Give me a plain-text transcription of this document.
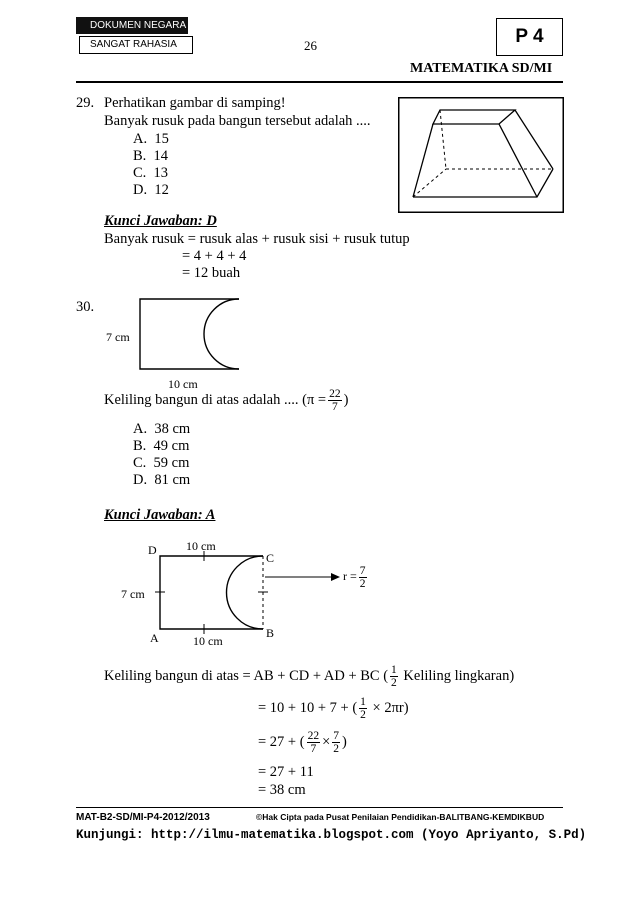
DOKUMEN NEGARA
SANGAT RAHASIA	26	P 4
MATEMATIKA SD/MI
29. Perhatikan gambar di samping!
Banyak rusuk pada bangun tersebut adalah ....
A. 15
B. 14
C. 13
D. 12
Kunci Jawaban: D
Banyak rusuk = rusuk alas + rusuk sisi + rusuk tutup
= 4 + 4 + 4
= 12 buah
30.
7 cm
10 cm
Keliling bangun di atas adalah .... ($\pi = \frac{22}{7}$ )
A. 38 cm
B. 49 cm
C. 59 cm
D. 81 cm
Kunci Jawaban: A
D 10 cm
C
7 cm
A	10 cm
B
$r = \frac{7}{2}$
Keliling bangun di atas = AB + CD + AD + BC ( $\frac{1}{2}$ Keliling lingkaran)
= 10 + 10 + 7 + ( $\frac{1}{2} \times 2\pi r$)
= 27 + ( $\frac{22}{7} \times \frac{7}{2}$ )
= 27 + 11
= 38 cm
MAT-B2-SD/MI-P4-2012/2013	©Hak Cipta pada Pusat Penilaian Pendidikan-BALITBANG-KEMDIKBUD
Kunjungi: http://ilmu-matematika.blogspot.com (Yoyo Apriyanto, S.Pd)
